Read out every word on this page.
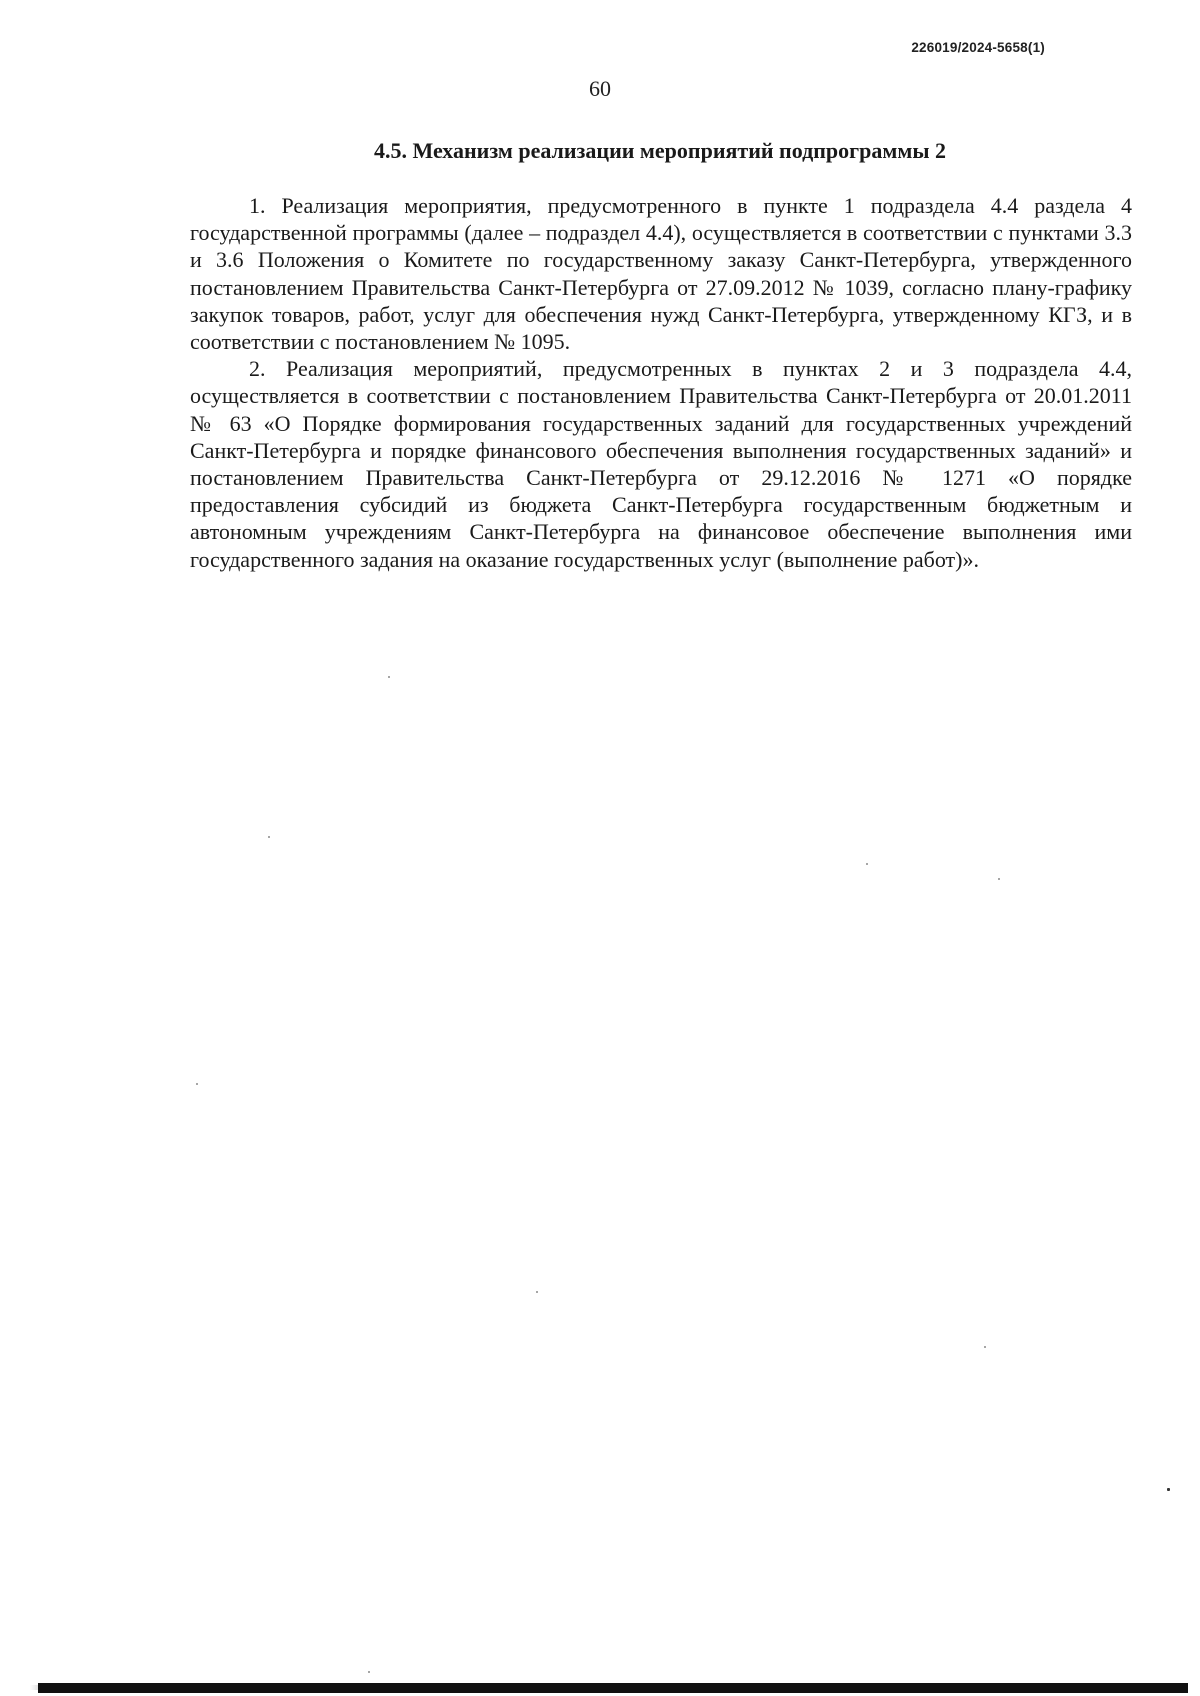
226019/2024-5658(1)
60
4.5. Механизм реализации мероприятий подпрограммы 2

1. Реализация мероприятия, предусмотренного в пункте 1 подраздела 4.4 раздела 4 государственной программы (далее – подраздел 4.4), осуществляется в соответствии с пунктами 3.3 и 3.6 Положения о Комитете по государственному заказу Санкт-Петербурга, утвержденного постановлением Правительства Санкт-Петербурга от 27.09.2012 № 1039, согласно плану-графику закупок товаров, работ, услуг для обеспечения нужд Санкт-Петербурга, утвержденному КГЗ, и в соответствии с постановлением № 1095.

2. Реализация мероприятий, предусмотренных в пунктах 2 и 3 подраздела 4.4, осуществляется в соответствии с постановлением Правительства Санкт-Петербурга от 20.01.2011 № 63 «О Порядке формирования государственных заданий для государственных учреждений Санкт-Петербурга и порядке финансового обеспечения выполнения государственных заданий» и постановлением Правительства Санкт-Петербурга от 29.12.2016 № 1271 «О порядке предоставления субсидий из бюджета Санкт-Петербурга государственным бюджетным и автономным учреждениям Санкт-Петербурга на финансовое обеспечение выполнения ими государственного задания на оказание государственных услуг (выполнение работ)».
